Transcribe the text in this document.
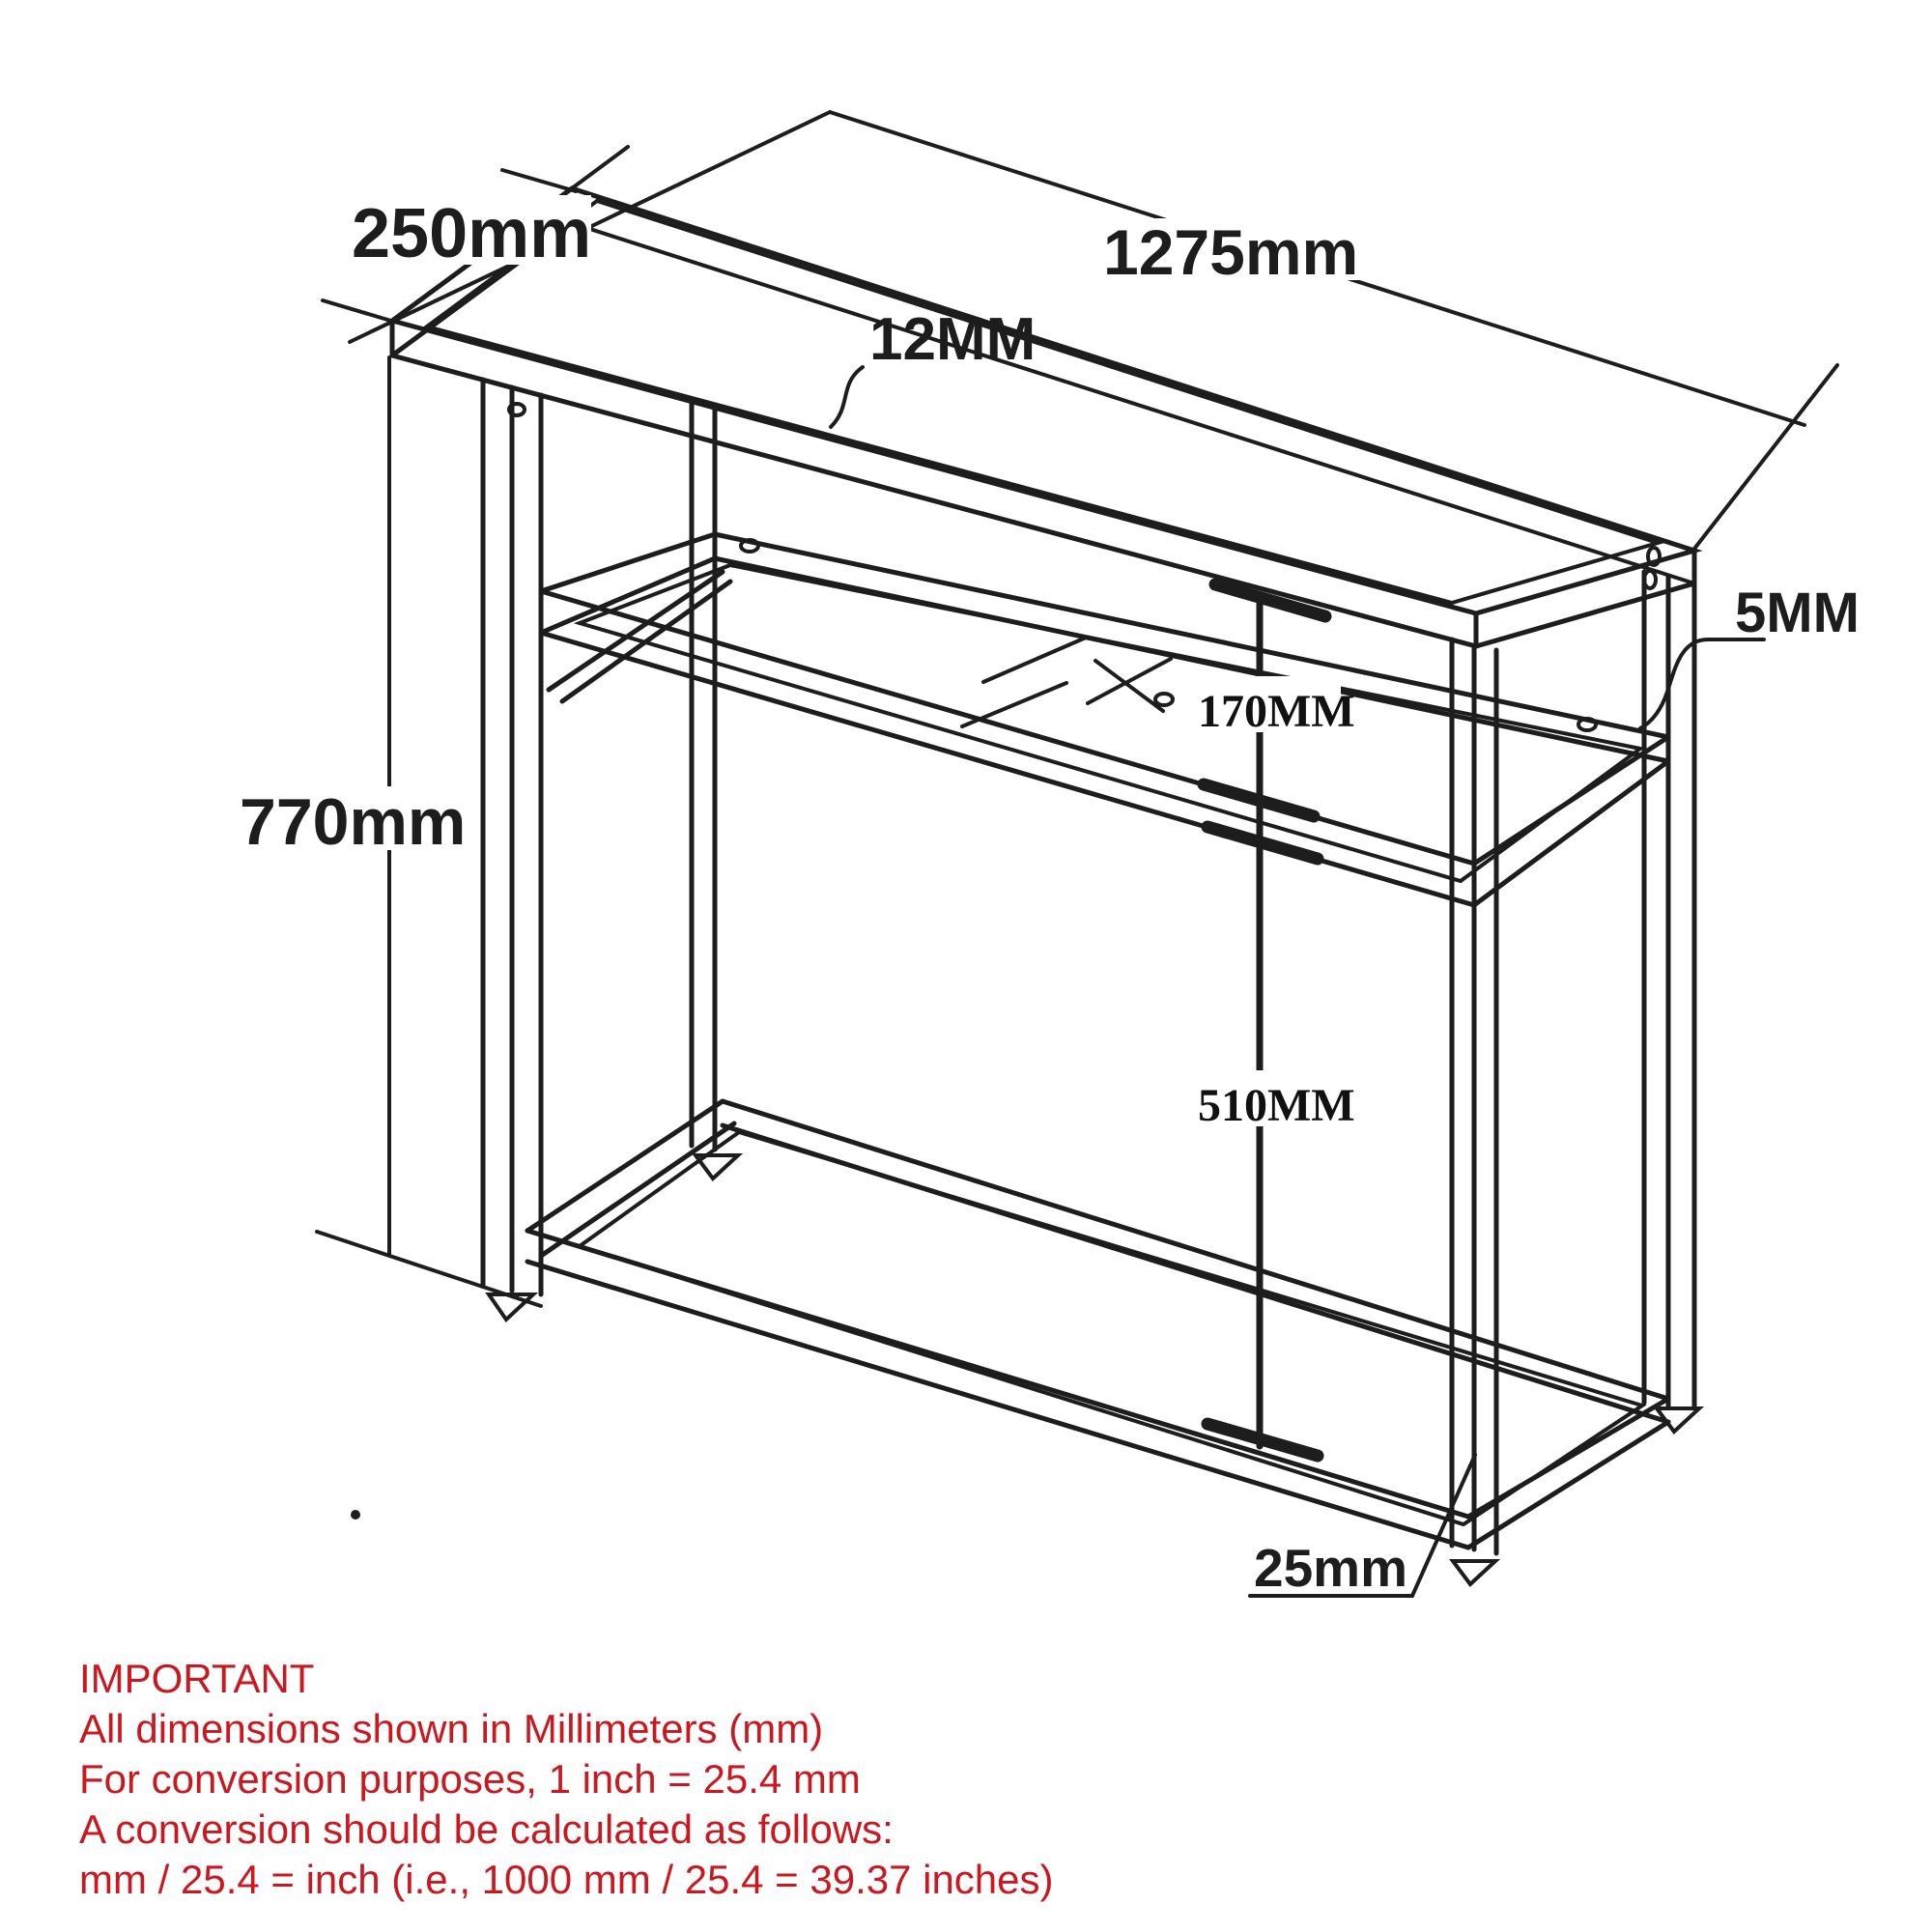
250mm	1275mm
12MM
5MM
770mm
170MM
510MM
25mm
IMPORTANT
All dimensions shown in Millimeters (mm)
For conversion purposes, 1 inch = 25.4 mm
A conversion should be calculated as follows:
mm / 25.4 = inch (i.e., 1000 mm / 25.4 = 39.37 inches)
